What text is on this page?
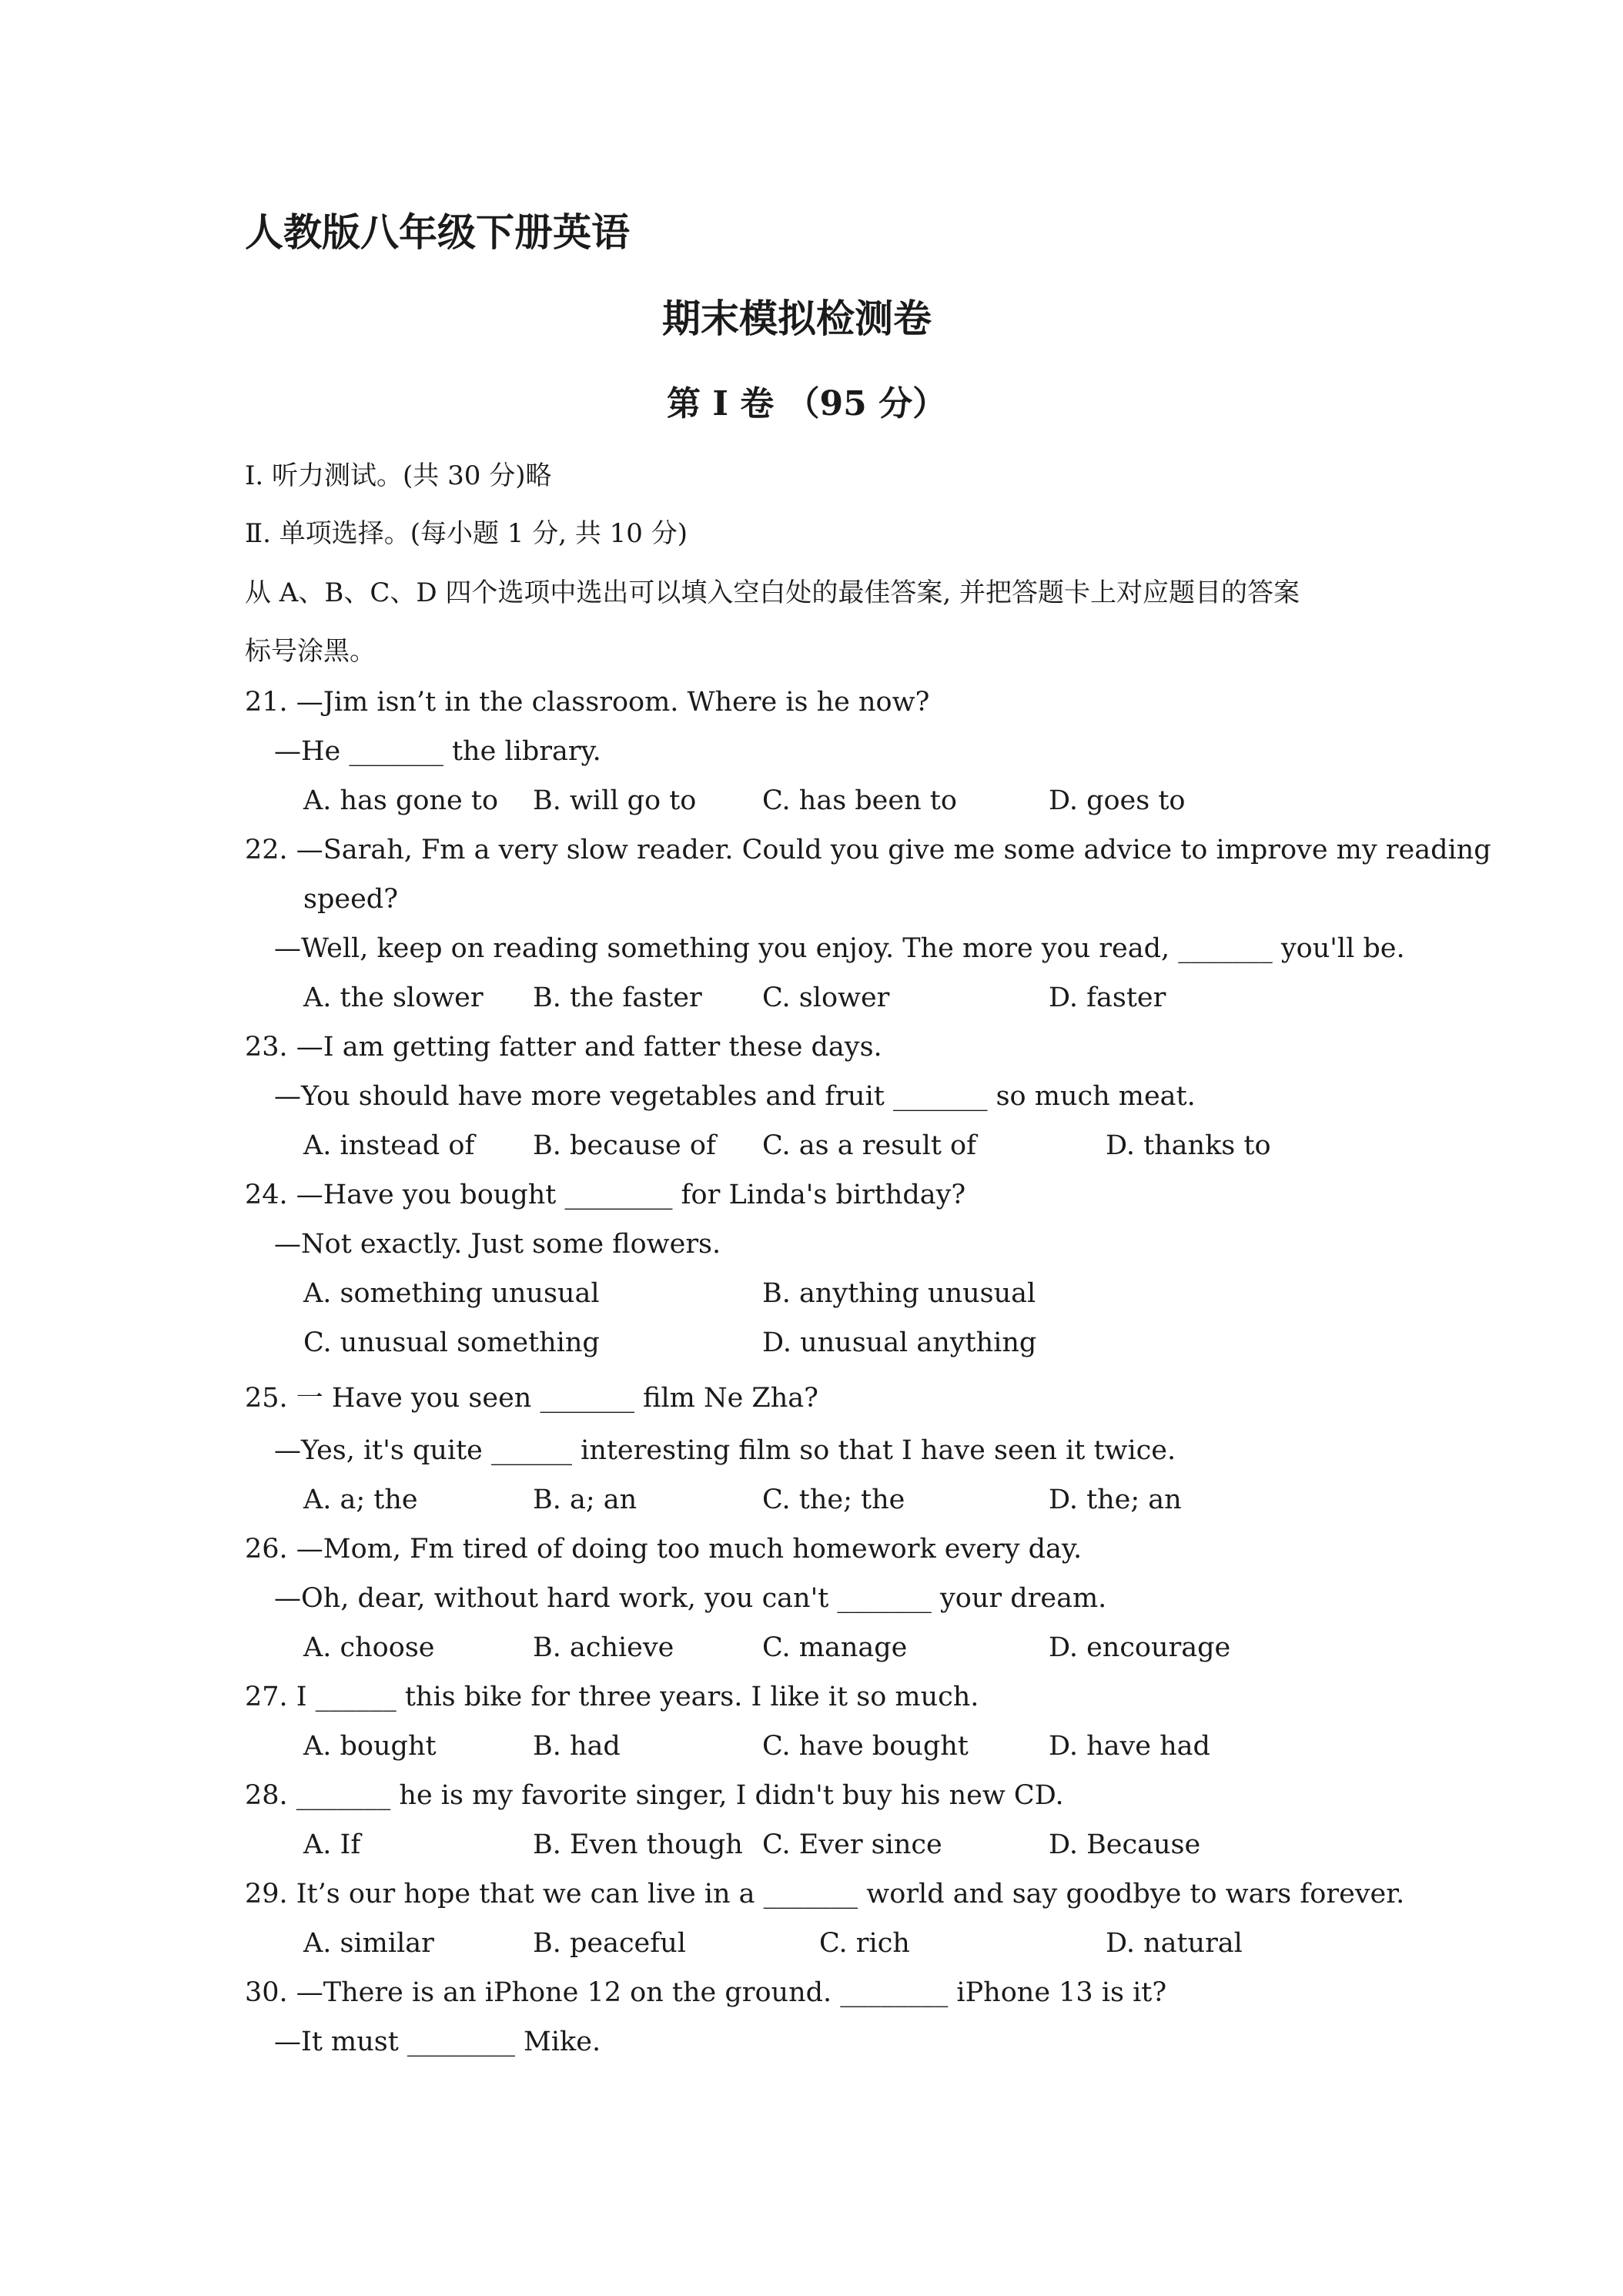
人教版八年级下册英语
期末模拟检测卷
第 I 卷 （95 分）
I. 听力测试。(共 30 分)略
Ⅱ. 单项选择。(每小题 1 分, 共 10 分)
从 A、B、C、D 四个选项中选出可以填入空白处的最佳答案, 并把答题卡上对应题目的答案
标号涂黑。
21. —Jim isn’t in the classroom. Where is he now?
—He _______ the library.
A. has gone to B. will go to C. has been to	D. goes to
22. —Sarah, Fm a very slow reader. Could you give me some advice to improve my reading
speed?
—Well, keep on reading something you enjoy. The more you read, _______ you'll be.
A. the slower B. the faster C. slower	D. faster
23. —I am getting fatter and fatter these days.
—You should have more vegetables and fruit _______ so much meat.
A. instead of B. because of C. as a result of	D. thanks to
24. —Have you bought ________ for Linda's birthday?
—Not exactly. Just some flowers.
A. something unusual	B. anything unusual
C. unusual something	D. unusual anything
25. 一 Have you seen _______ film Ne Zha?
—Yes, it's quite ______ interesting film so that I have seen it twice.
A. a; the	B. a; an	C. the; the	D. the; an
26. —Mom, Fm tired of doing too much homework every day.
—Oh, dear, without hard work, you can't _______ your dream.
A. choose	B. achieve	C. manage	D. encourage
27. I ______ this bike for three years. I like it so much.
A. bought	B. had	C. have bought	D. have had
28. _______ he is my favorite singer, I didn't buy his new CD.
A. If	B. Even though C. Ever since	D. Because
29. It’s our hope that we can live in a _______ world and say goodbye to wars forever.
A. similar	B. peaceful	C. rich	D. natural
30. —There is an iPhone 12 on the ground. ________ iPhone 13 is it?
—It must ________ Mike.
